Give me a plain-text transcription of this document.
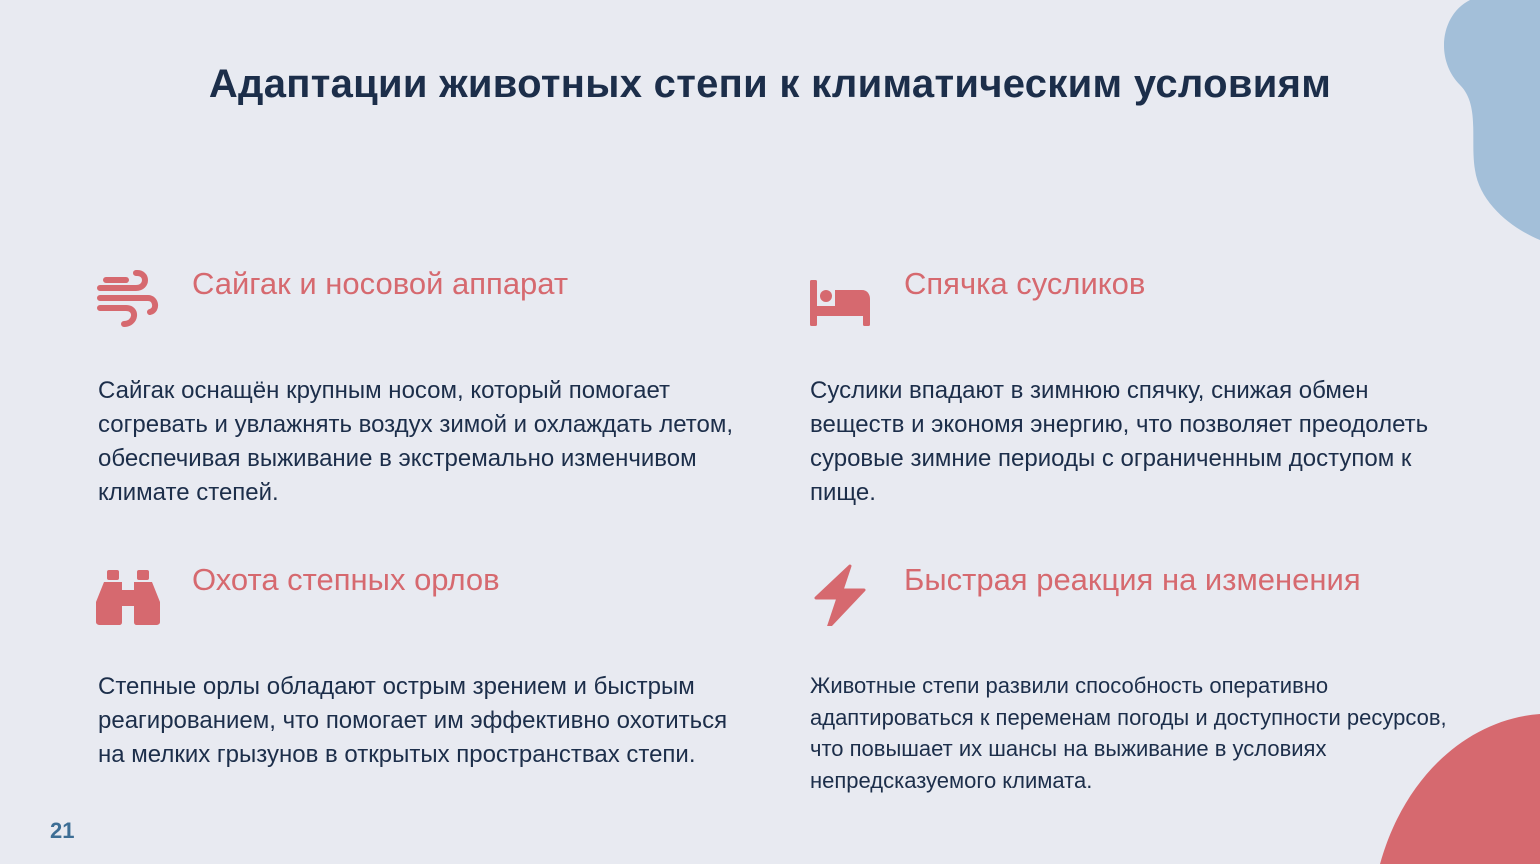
Адаптации животных степи к климатическим условиям
Сайгак и носовой аппарат
Сайгак оснащён крупным носом, который помогает согревать и увлажнять воздух зимой и охлаждать летом, обеспечивая выживание в экстремально изменчивом климате степей.
Спячка сусликов
Суслики впадают в зимнюю спячку, снижая обмен веществ и экономя энергию, что позволяет преодолеть суровые зимние периоды с ограниченным доступом к пище.
Охота степных орлов
Степные орлы обладают острым зрением и быстрым реагированием, что помогает им эффективно охотиться на мелких грызунов в открытых пространствах степи.
Быстрая реакция на изменения
Животные степи развили способность оперативно адаптироваться к переменам погоды и доступности ресурсов, что повышает их шансы на выживание в условиях непредсказуемого климата.
21
